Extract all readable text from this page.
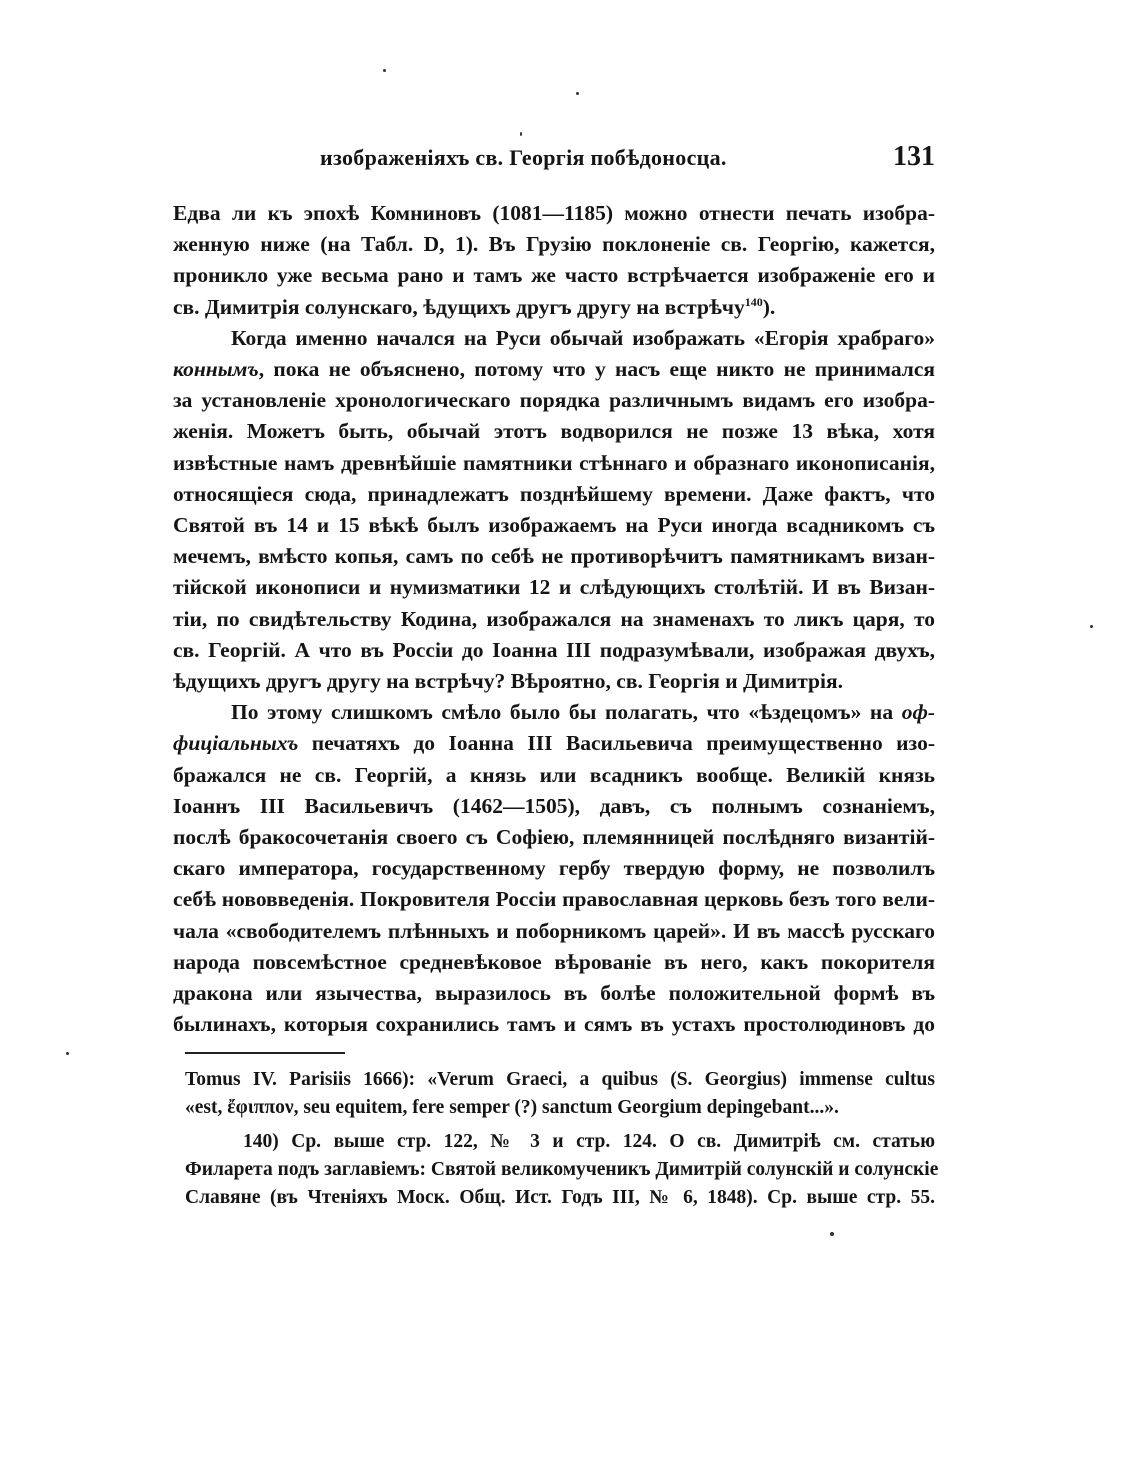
изображеніяхъ св. Георгія побѣдоносца.	131

Едва ли къ эпохѣ Комниновъ (1081—1185) можно отнести печать изобра-
женную ниже (на Табл. D, 1). Въ Грузію поклоненіе св. Георгію, кажется,
проникло уже весьма рано и тамъ же часто встрѣчается изображеніе его и
св. Димитрія солунскаго, ѣдущихъ другъ другу на встрѣчу$^{140}$).

Когда именно начался на Руси обычай изображать «Егорія храбраго»
коннымъ, пока не объяснено, потому что у насъ еще никто не принимался
за установленіе хронологическаго порядка различнымъ видамъ его изобра-
женія. Можетъ быть, обычай этотъ водворился не позже 13 вѣка, хотя
извѣстные намъ древнѣйшіе памятники стѣннаго и образнаго иконописанія,
относящіеся сюда, принадлежатъ позднѣйшему времени. Даже фактъ, что
Святой въ 14 и 15 вѣкѣ былъ изображаемъ на Руси иногда всадникомъ съ
мечемъ, вмѣсто копья, самъ по себѣ не противорѣчитъ памятникамъ визан-
тійской иконописи и нумизматики 12 и слѣдующихъ столѣтій. И въ Визан-
тіи, по свидѣтельству Кодина, изображался на знаменахъ то ликъ царя, то
св. Георгій. А что въ Россіи до Іоанна III подразумѣвали, изображая двухъ,
ѣдущихъ другъ другу на встрѣчу? Вѣроятно, св. Георгія и Димитрія.

По этому слишкомъ смѣло было бы полагать, что «ѣздецомъ» на оф-
фиціальныхъ печатяхъ до Іоанна III Васильевича преимущественно изо-
бражался не св. Георгій, а князь или всадникъ вообще. Великій князь
Іоаннъ III Васильевичъ (1462—1505), давъ, съ полнымъ сознаніемъ,
послѣ бракосочетанія своего съ Софіею, племянницей послѣдняго византій-
скаго императора, государственному гербу твердую форму, не позволилъ
себѣ нововведенія. Покровителя Россіи православная церковь безъ того вели-
чала «свободителемъ плѣнныхъ и поборникомъ царей». И въ массѣ русскаго
народа повсемѣстное средневѣковое вѣрованіе въ него, какъ покорителя
дракона или язычества, выразилось въ болѣе положительной формѣ въ
былинахъ, которыя сохранились тамъ и сямъ въ устахъ простолюдиновъ до

Tomus IV. Parisiis 1666): «Verum Graeci, a quibus (S. Georgius) immense cultus
«est, ἔφιππον, seu equitem, fere semper (?) sanctum Georgium depingebant...».
140) Ср. выше стр. 122, № 3 и стр. 124. О св. Димитріѣ см. статью
Филарета подъ заглавіемъ: Святой великомученикъ Димитрій солунскій и солунскіе
Славяне (въ Чтеніяхъ Моск. Общ. Ист. Годъ III, № 6, 1848). Ср. выше стр. 55.
